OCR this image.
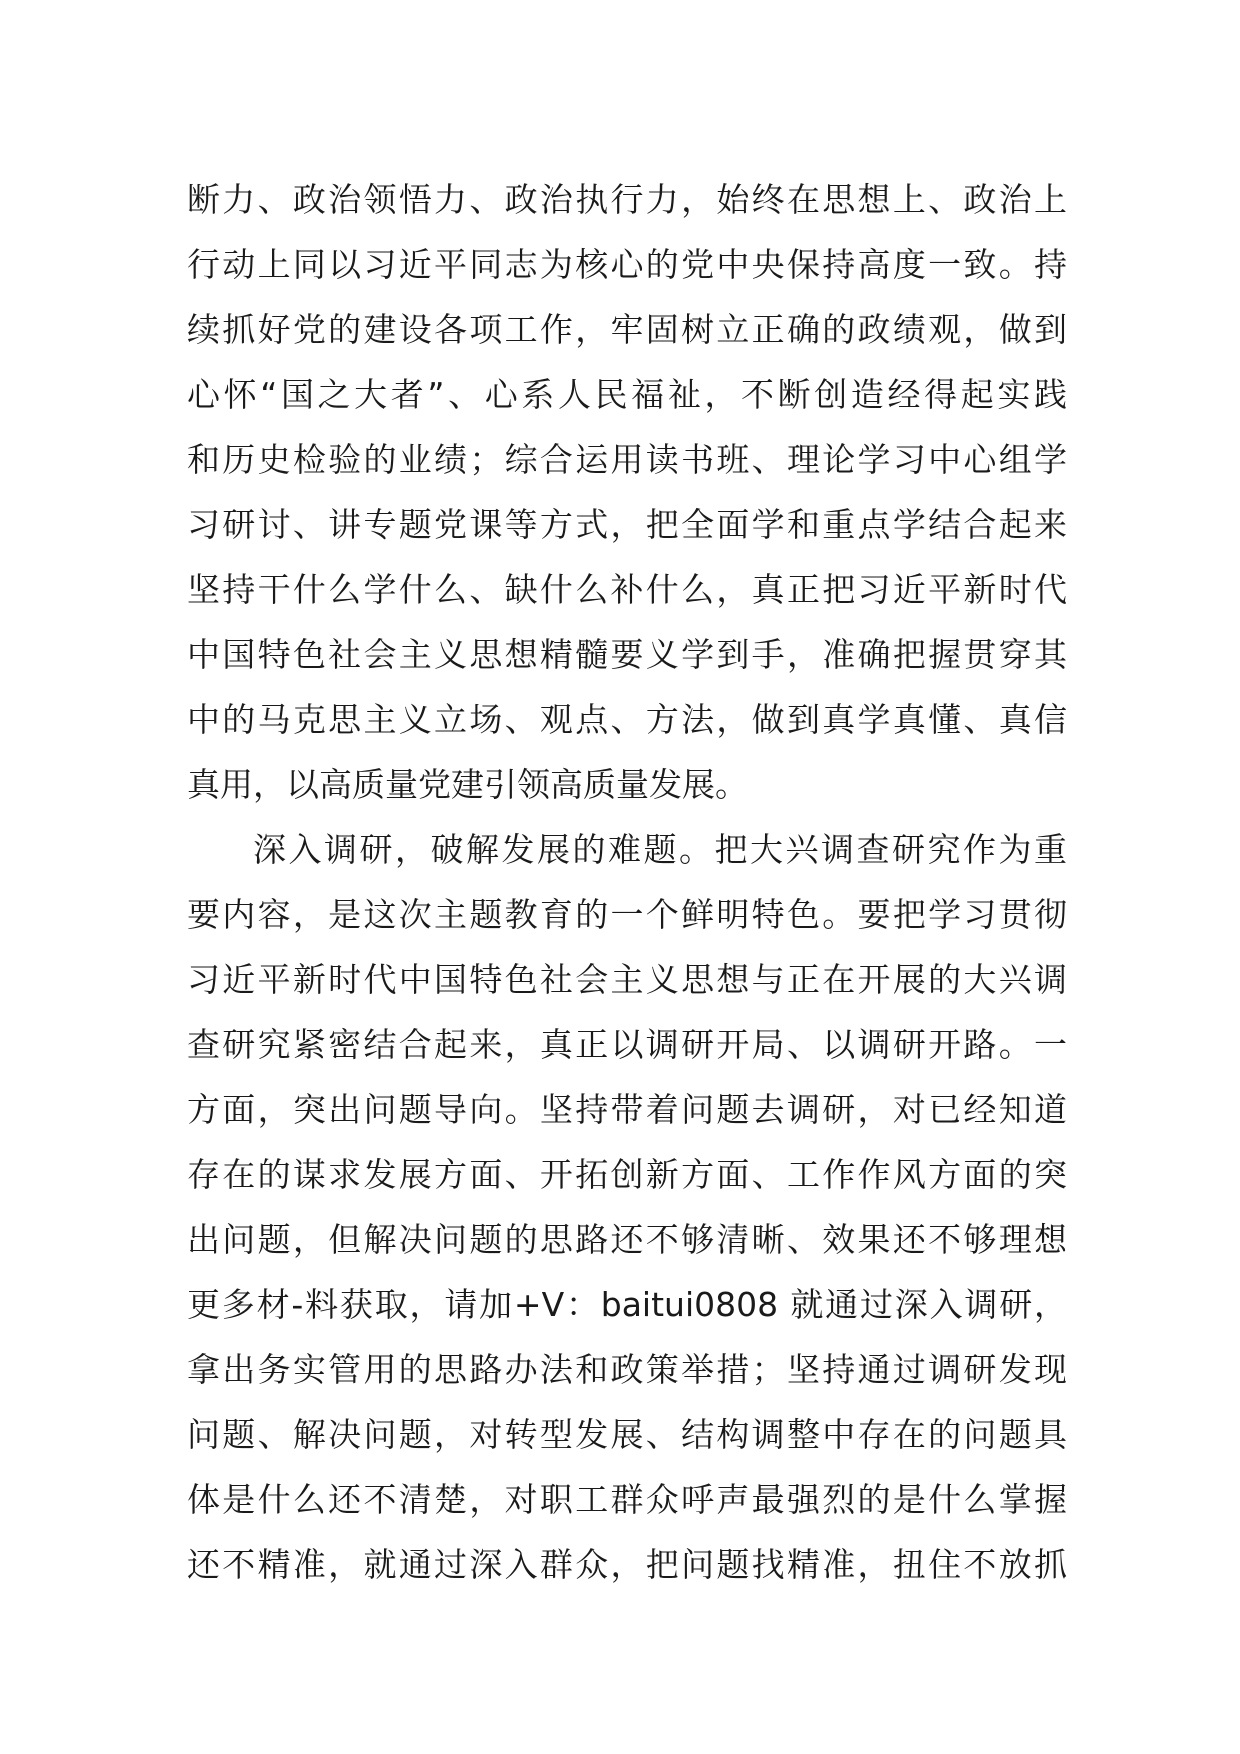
断力、政治领悟力、政治执行力，始终在思想上、政治上
行动上同以习近平同志为核心的党中央保持高度一致。持
续抓好党的建设各项工作，牢固树立正确的政绩观，做到
心怀“国之大者”、心系人民福祉，不断创造经得起实践
和历史检验的业绩；综合运用读书班、理论学习中心组学
习研讨、讲专题党课等方式，把全面学和重点学结合起来
坚持干什么学什么、缺什么补什么，真正把习近平新时代
中国特色社会主义思想精髓要义学到手，准确把握贯穿其
中的马克思主义立场、观点、方法，做到真学真懂、真信
真用，以高质量党建引领高质量发展。
深入调研，破解发展的难题。把大兴调查研究作为重
要内容，是这次主题教育的一个鲜明特色。要把学习贯彻
习近平新时代中国特色社会主义思想与正在开展的大兴调
查研究紧密结合起来，真正以调研开局、以调研开路。一
方面，突出问题导向。坚持带着问题去调研，对已经知道
存在的谋求发展方面、开拓创新方面、工作作风方面的突
出问题，但解决问题的思路还不够清晰、效果还不够理想
更多材-料获取，请加+V：baitui0808 就通过深入调研，
拿出务实管用的思路办法和政策举措；坚持通过调研发现
问题、解决问题，对转型发展、结构调整中存在的问题具
体是什么还不清楚，对职工群众呼声最强烈的是什么掌握
还不精准，就通过深入群众，把问题找精准，扭住不放抓
